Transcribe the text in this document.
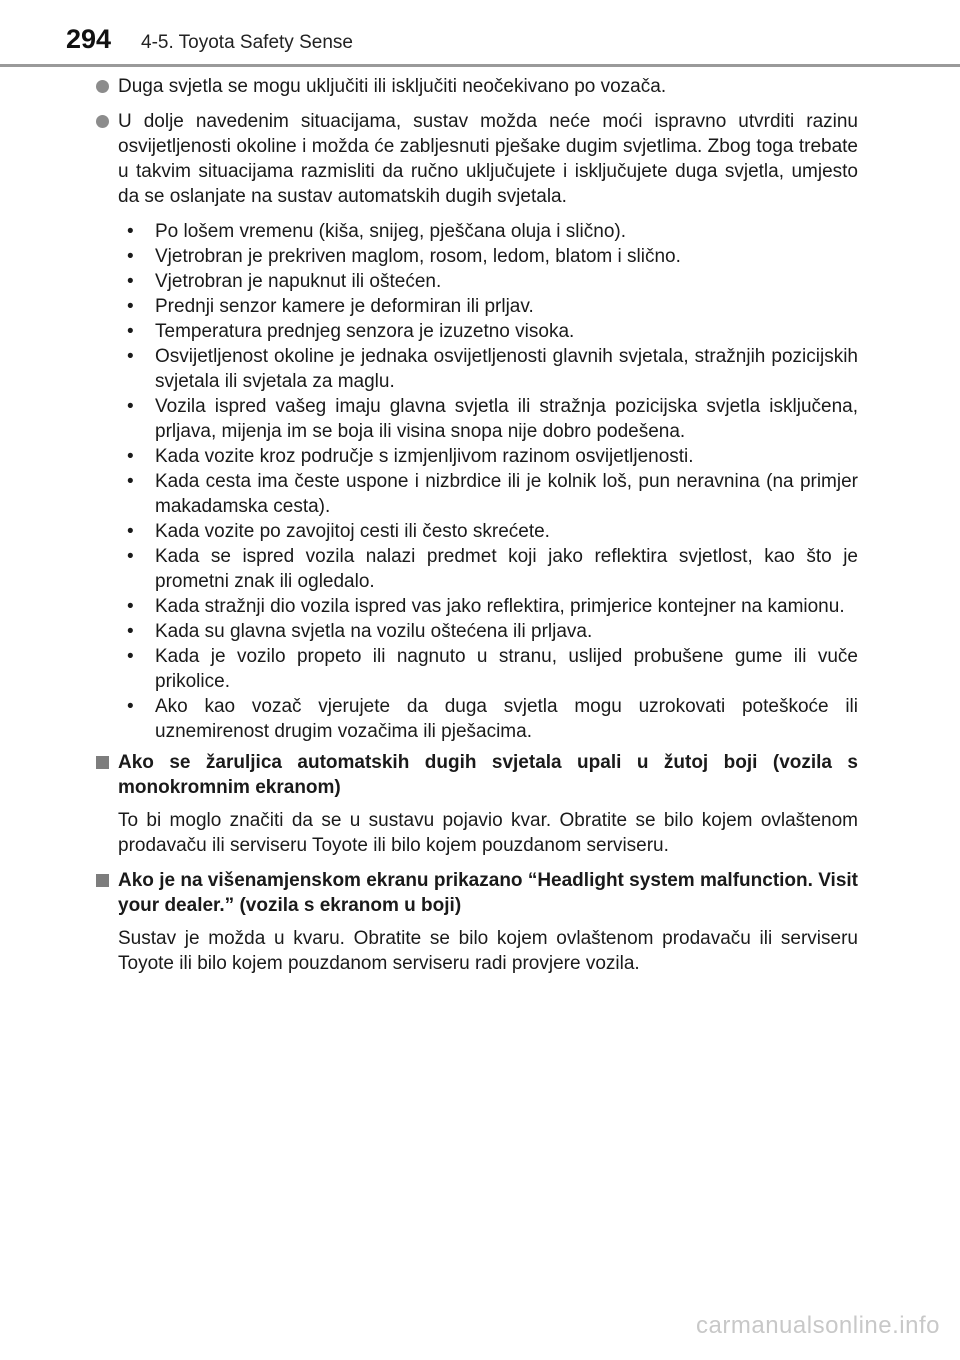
294 4-5. Toyota Safety Sense
Duga svjetla se mogu uključiti ili isključiti neočekivano po vozača.
U dolje navedenim situacijama, sustav možda neće moći ispravno utvrditi razinu osvijetljenosti okoline i možda će zabljesnuti pješake dugim svjetlima. Zbog toga trebate u takvim situacijama razmisliti da ručno uključujete i isključujete duga svjetla, umjesto da se oslanjate na sustav automatskih dugih svjetala.
• Po lošem vremenu (kiša, snijeg, pješčana oluja i slično).
• Vjetrobran je prekriven maglom, rosom, ledom, blatom i slično.
• Vjetrobran je napuknut ili oštećen.
• Prednji senzor kamere je deformiran ili prljav.
• Temperatura prednjeg senzora je izuzetno visoka.
• Osvijetljenost okoline je jednaka osvijetljenosti glavnih svjetala, stražnjih pozicijskih svjetala ili svjetala za maglu.
• Vozila ispred vašeg imaju glavna svjetla ili stražnja pozicijska svjetla isključena, prljava, mijenja im se boja ili visina snopa nije dobro podešena.
• Kada vozite kroz područje s izmjenljivom razinom osvijetljenosti.
• Kada cesta ima česte uspone i nizbrdice ili je kolnik loš, pun neravnina (na primjer makadamska cesta).
• Kada vozite po zavojitoj cesti ili često skrećete.
• Kada se ispred vozila nalazi predmet koji jako reflektira svjetlost, kao što je prometni znak ili ogledalo.
• Kada stražnji dio vozila ispred vas jako reflektira, primjerice kontejner na kamionu.
• Kada su glavna svjetla na vozilu oštećena ili prljava.
• Kada je vozilo propeto ili nagnuto u stranu, uslijed probušene gume ili vuče prikolice.
• Ako kao vozač vjerujete da duga svjetla mogu uzrokovati poteškoće ili uznemirenost drugim vozačima ili pješacima.
Ako se žaruljica automatskih dugih svjetala upali u žutoj boji (vozila s monokromnim ekranom)
To bi moglo značiti da se u sustavu pojavio kvar. Obratite se bilo kojem ovlaštenom prodavaču ili serviseru Toyote ili bilo kojem pouzdanom serviseru.
Ako je na višenamjenskom ekranu prikazano “Headlight system malfunction. Visit your dealer.” (vozila s ekranom u boji)
Sustav je možda u kvaru. Obratite se bilo kojem ovlaštenom prodavaču ili serviseru Toyote ili bilo kojem pouzdanom serviseru radi provjere vozila.
carmanualsonline.info
